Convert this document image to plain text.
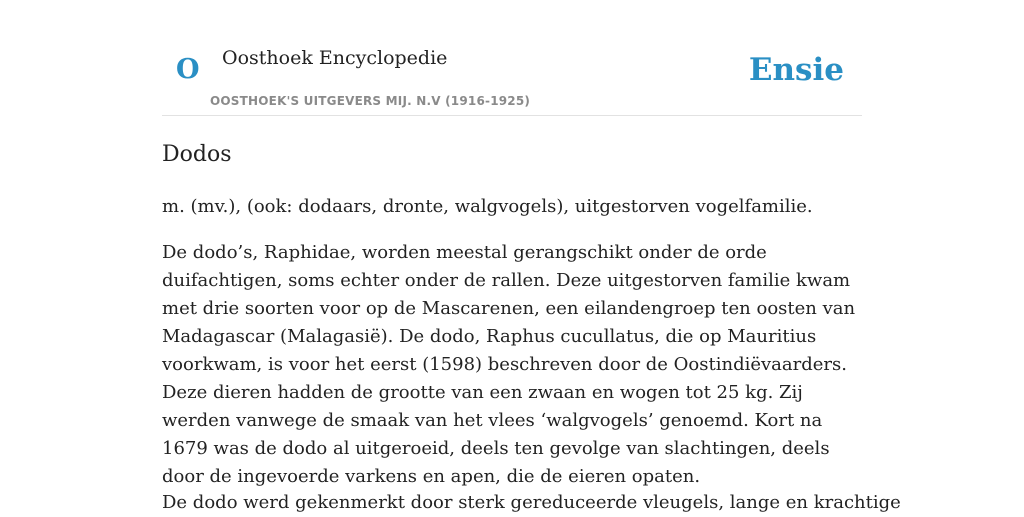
O Oosthoek Encyclopedie
OOSTHOEK'S UITGEVERS MIJ. N.V (1916-1925)
Ensie
Dodos

m. (mv.), (ook: dodaars, dronte, walgvogels), uitgestorven vogelfamilie.

De dodo’s, Raphidae, worden meestal gerangschikt onder de orde duifachtigen, soms echter onder de rallen. Deze uitgestorven familie kwam met drie soorten voor op de Mascarenen, een eilandengroep ten oosten van Madagascar (Malagasië). De dodo, Raphus cucullatus, die op Mauritius voorkwam, is voor het eerst (1598) beschreven door de Oostindiëvaarders. Deze dieren hadden de grootte van een zwaan en wogen tot 25 kg. Zij werden vanwege de smaak van het vlees ‘walgvogels’ genoemd. Kort na 1679 was de dodo al uitgeroeid, deels ten gevolge van slachtingen, deels door de ingevoerde varkens en apen, die de eieren opaten.

De dodo werd gekenmerkt door sterk gereduceerde vleugels, lange en krachtige
